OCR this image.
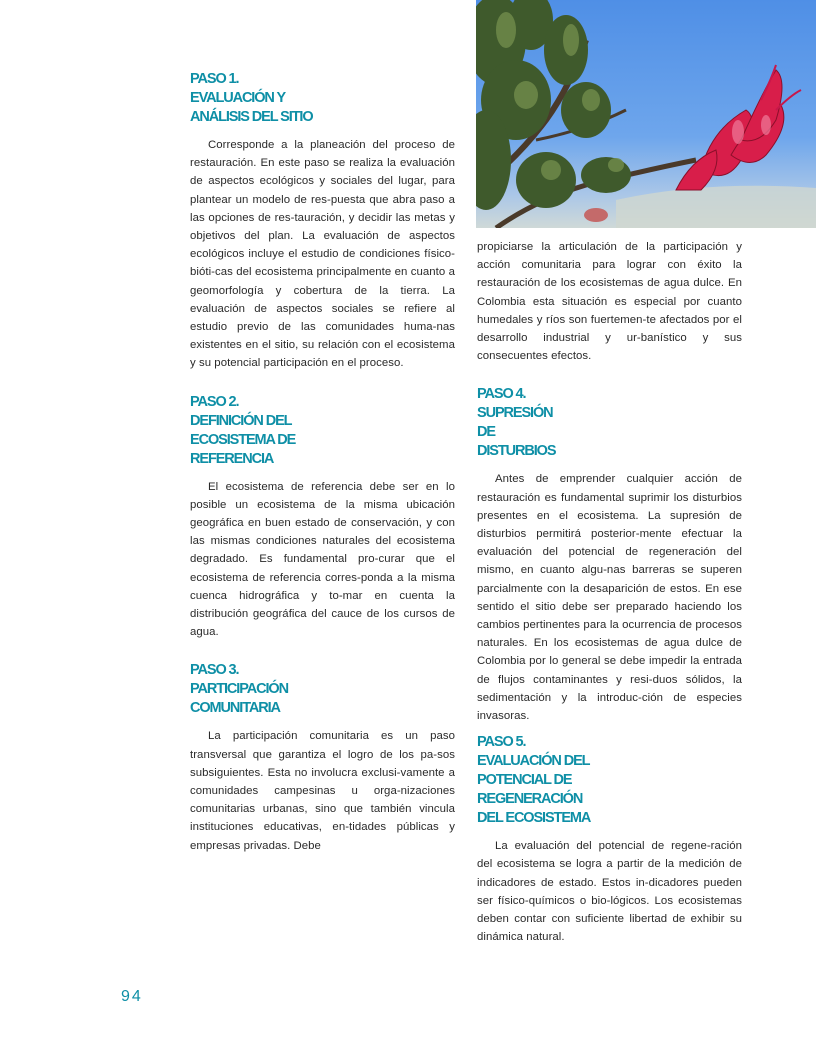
PASO 1.
EVALUACIÓN Y
ANÁLISIS DEL SITIO

Corresponde a la planeación del proceso de restauración. En este paso se realiza la evaluación de aspectos ecológicos y sociales del lugar, para plantear un modelo de res-puesta que abra paso a las opciones de res-tauración, y decidir las metas y objetivos del plan. La evaluación de aspectos ecológicos incluye el estudio de condiciones físico-bióti-cas del ecosistema principalmente en cuanto a geomorfología y cobertura de la tierra. La evaluación de aspectos sociales se refiere al estudio previo de las comunidades huma-nas existentes en el sitio, su relación con el ecosistema y su potencial participación en el proceso.

PASO 2.
DEFINICIÓN DEL
ECOSISTEMA DE
REFERENCIA

El ecosistema de referencia debe ser en lo posible un ecosistema de la misma ubicación geográfica en buen estado de conservación, y con las mismas condiciones naturales del ecosistema degradado. Es fundamental pro-curar que el ecosistema de referencia corres-ponda a la misma cuenca hidrográfica y to-mar en cuenta la distribución geográfica del cauce de los cursos de agua.

PASO 3.
PARTICIPACIÓN
COMUNITARIA

La participación comunitaria es un paso transversal que garantiza el logro de los pa-sos subsiguientes. Esta no involucra exclusi-vamente a comunidades campesinas u orga-nizaciones comunitarias urbanas, sino que también vincula instituciones educativas, en-tidades públicas y empresas privadas. Debe

propiciarse la articulación de la participación y acción comunitaria para lograr con éxito la restauración de los ecosistemas de agua dulce. En Colombia esta situación es especial por cuanto humedales y ríos son fuertemen-te afectados por el desarrollo industrial y ur-banístico y sus consecuentes efectos.

PASO 4.
SUPRESIÓN
DE
DISTURBIOS

Antes de emprender cualquier acción de restauración es fundamental suprimir los disturbios presentes en el ecosistema. La supresión de disturbios permitirá posterior-mente efectuar la evaluación del potencial de regeneración del mismo, en cuanto algu-nas barreras se superen parcialmente con la desaparición de estos. En ese sentido el sitio debe ser preparado haciendo los cambios pertinentes para la ocurrencia de procesos naturales. En los ecosistemas de agua dulce de Colombia por lo general se debe impedir la entrada de flujos contaminantes y resi-duos sólidos, la sedimentación y la introduc-ción de especies invasoras.

PASO 5.
EVALUACIÓN DEL
POTENCIAL DE
REGENERACIÓN
DEL ECOSISTEMA

La evaluación del potencial de regene-ración del ecosistema se logra a partir de la medición de indicadores de estado. Estos in-dicadores pueden ser físico-químicos o bio-lógicos. Los ecosistemas deben contar con suficiente libertad de exhibir su dinámica natural.

94
